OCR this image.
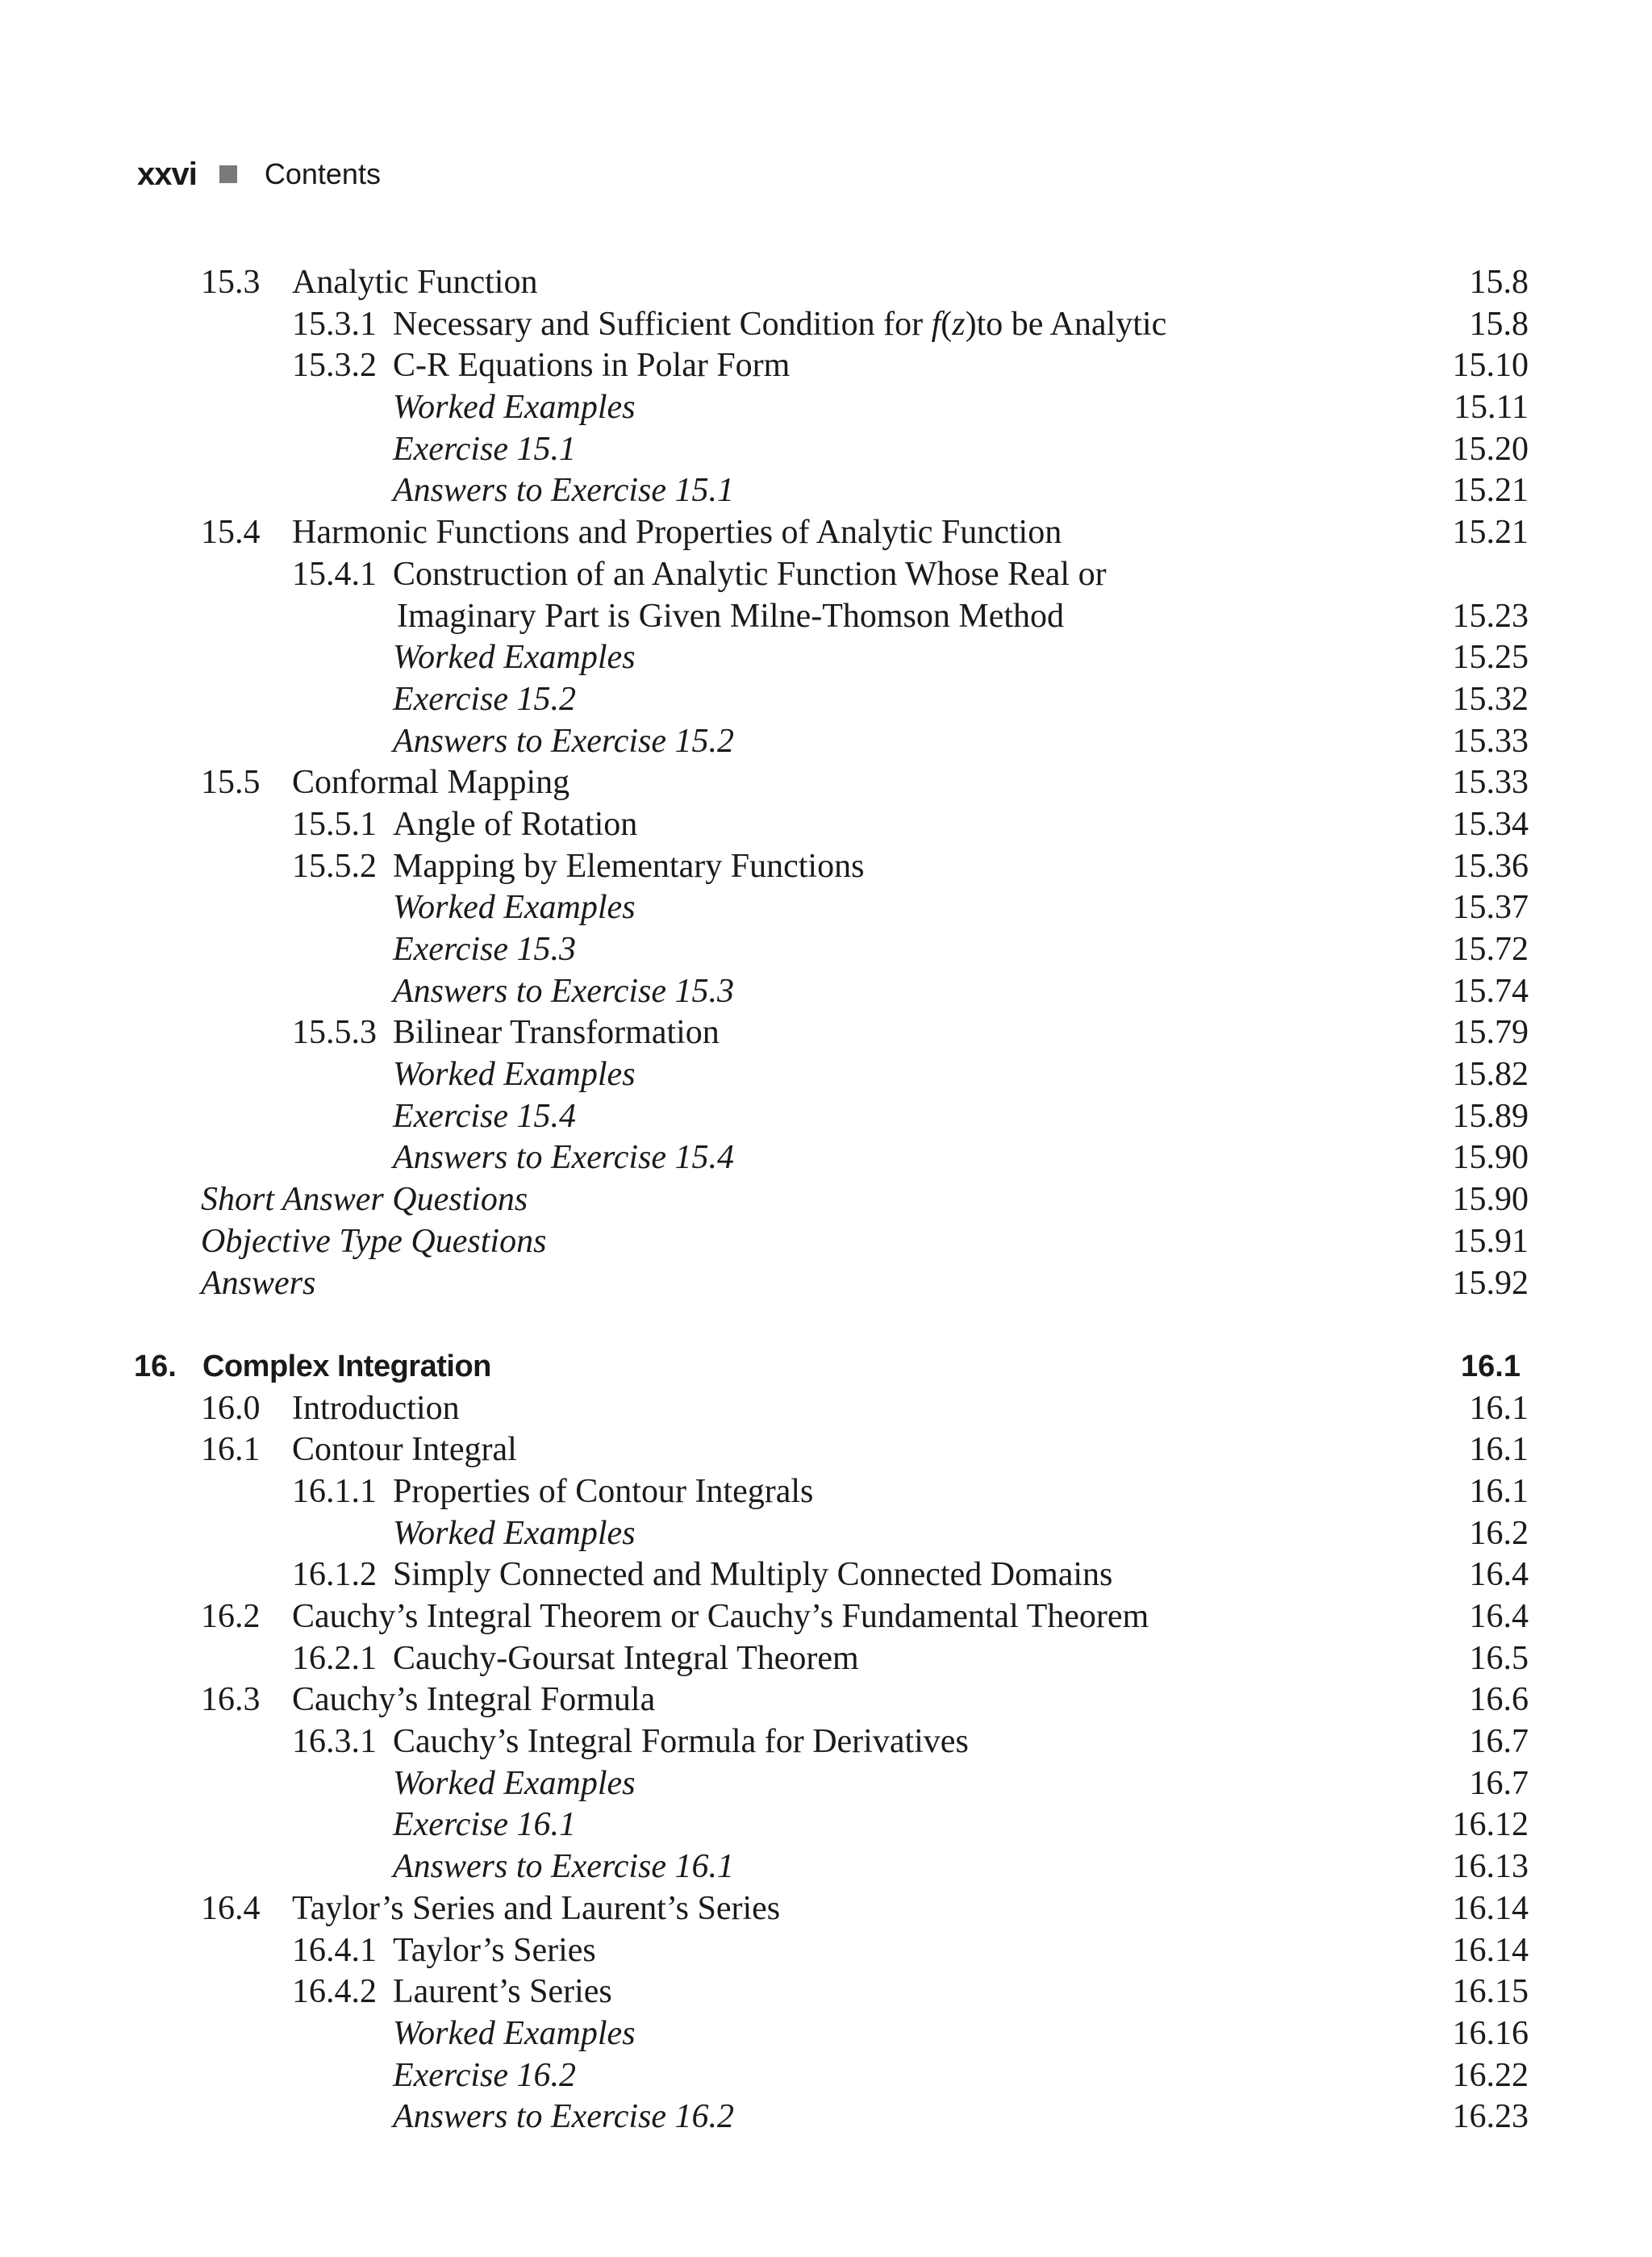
xxvi Contents
15.3 Analytic Function	15.8
15.3.1 Necessary and Sufficient Condition for f(z)to be Analytic	15.8
15.3.2 C-R Equations in Polar Form	15.10
Worked Examples	15.11
Exercise 15.1	15.20
Answers to Exercise 15.1	15.21
15.4 Harmonic Functions and Properties of Analytic Function	15.21
15.4.1 Construction of an Analytic Function Whose Real or
Imaginary Part is Given Milne-Thomson Method	15.23
Worked Examples	15.25
Exercise 15.2	15.32
Answers to Exercise 15.2	15.33
15.5 Conformal Mapping	15.33
15.5.1 Angle of Rotation	15.34
15.5.2 Mapping by Elementary Functions	15.36
Worked Examples	15.37
Exercise 15.3	15.72
Answers to Exercise 15.3	15.74
15.5.3 Bilinear Transformation	15.79
Worked Examples	15.82
Exercise 15.4	15.89
Answers to Exercise 15.4	15.90
Short Answer Questions	15.90
Objective Type Questions	15.91
Answers	15.92
16. Complex Integration	16.1
16.0 Introduction	16.1
16.1 Contour Integral	16.1
16.1.1 Properties of Contour Integrals	16.1
Worked Examples	16.2
16.1.2 Simply Connected and Multiply Connected Domains	16.4
16.2 Cauchy’s Integral Theorem or Cauchy’s Fundamental Theorem	16.4
16.2.1 Cauchy-Goursat Integral Theorem	16.5
16.3 Cauchy’s Integral Formula	16.6
16.3.1 Cauchy’s Integral Formula for Derivatives	16.7
Worked Examples	16.7
Exercise 16.1	16.12
Answers to Exercise 16.1	16.13
16.4 Taylor’s Series and Laurent’s Series	16.14
16.4.1 Taylor’s Series	16.14
16.4.2 Laurent’s Series	16.15
Worked Examples	16.16
Exercise 16.2	16.22
Answers to Exercise 16.2	16.23
